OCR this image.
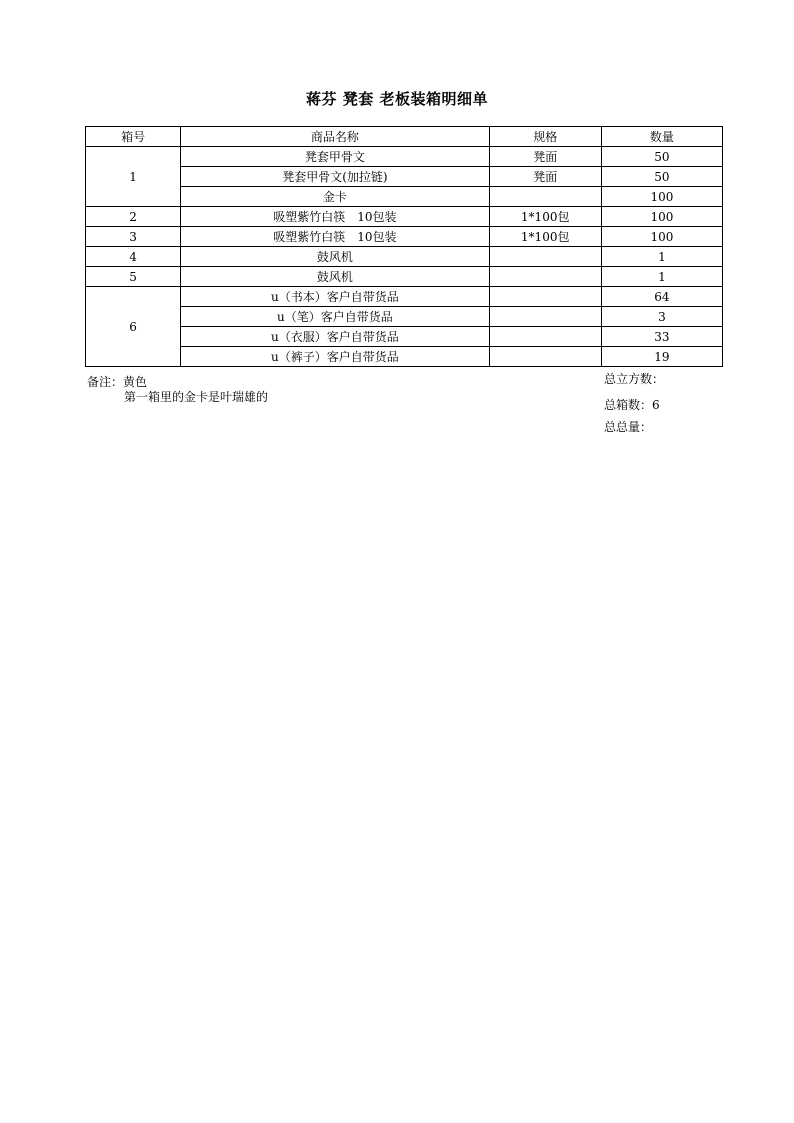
蒋芬 凳套 老板装箱明细单
箱号	商品名称	规格	数量
1	凳套甲骨文	凳面	50
	凳套甲骨文(加拉链)	凳面	50
	金卡		100
2	吸塑紫竹白筷　10包装	1*100包	100
3	吸塑紫竹白筷　10包装	1*100包	100
4	鼓风机		1
5	鼓风机		1
6	u（书本）客户自带货品		64
	u（笔）客户自带货品		3
	u（衣服）客户自带货品		33
	u（裤子）客户自带货品		19
备注：黄色
第一箱里的金卡是叶瑞雄的
总立方数：
总箱数：6
总总量：
